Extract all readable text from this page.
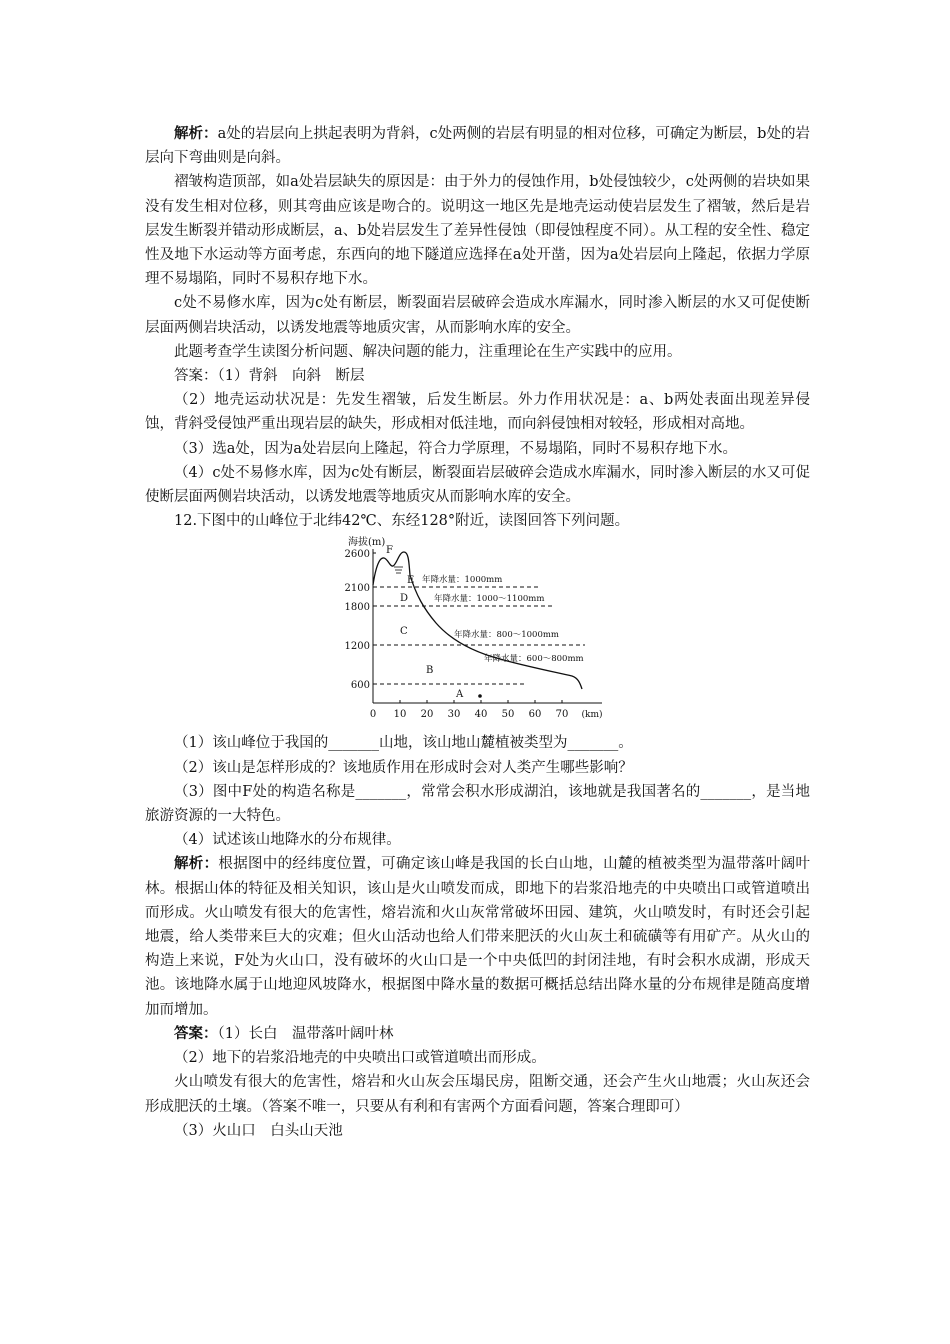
解析：a处的岩层向上拱起表明为背斜，c处两侧的岩层有明显的相对位移，可确定为断层，b处的岩层向下弯曲则是向斜。

褶皱构造顶部，如a处岩层缺失的原因是：由于外力的侵蚀作用，b处侵蚀较少，c处两侧的岩块如果没有发生相对位移，则其弯曲应该是吻合的。说明这一地区先是地壳运动使岩层发生了褶皱，然后是岩层发生断裂并错动形成断层，a、b处岩层发生了差异性侵蚀（即侵蚀程度不同）。从工程的安全性、稳定性及地下水运动等方面考虑，东西向的地下隧道应选择在a处开凿，因为a处岩层向上隆起，依据力学原理不易塌陷，同时不易积存地下水。

c处不易修水库，因为c处有断层，断裂面岩层破碎会造成水库漏水，同时渗入断层的水又可促使断层面两侧岩块活动，以诱发地震等地质灾害，从而影响水库的安全。

此题考查学生读图分析问题、解决问题的能力，注重理论在生产实践中的应用。

答案：（1）背斜　向斜　断层

（2）地壳运动状况是：先发生褶皱，后发生断层。外力作用状况是：a、b两处表面出现差异侵蚀，背斜受侵蚀严重出现岩层的缺失，形成相对低洼地，而向斜侵蚀相对较轻，形成相对高地。

（3）选a处，因为a处岩层向上隆起，符合力学原理，不易塌陷，同时不易积存地下水。

（4）c处不易修水库，因为c处有断层，断裂面岩层破碎会造成水库漏水，同时渗入断层的水又可促使断层面两侧岩块活动，以诱发地震等地质灾从而影响水库的安全。

12.下图中的山峰位于北纬42℃、东经128°附近，读图回答下列问题。

海拔(m)
2600
2100
1800
1200
600
0 10 20 30 40 50 60 70 (km)
F
E
D
C
B
A
年降水量：1000mm
年降水量：1000～1100mm
年降水量：800～1000mm
年降水量：600～800mm

（1）该山峰位于我国的_______山地，该山地山麓植被类型为_______。

（2）该山是怎样形成的？该地质作用在形成时会对人类产生哪些影响？

（3）图中F处的构造名称是_______，常常会积水形成湖泊，该地就是我国著名的_______，是当地旅游资源的一大特色。

（4）试述该山地降水的分布规律。

解析：根据图中的经纬度位置，可确定该山峰是我国的长白山地，山麓的植被类型为温带落叶阔叶林。根据山体的特征及相关知识，该山是火山喷发而成，即地下的岩浆沿地壳的中央喷出口或管道喷出而形成。火山喷发有很大的危害性，熔岩流和火山灰常常破坏田园、建筑，火山喷发时，有时还会引起地震，给人类带来巨大的灾难；但火山活动也给人们带来肥沃的火山灰土和硫磺等有用矿产。从火山的构造上来说，F处为火山口，没有破坏的火山口是一个中央低凹的封闭洼地，有时会积水成湖，形成天池。该地降水属于山地迎风坡降水，根据图中降水量的数据可概括总结出降水量的分布规律是随高度增加而增加。

答案：（1）长白　温带落叶阔叶林

（2）地下的岩浆沿地壳的中央喷出口或管道喷出而形成。

火山喷发有很大的危害性，熔岩和火山灰会压塌民房，阻断交通，还会产生火山地震；火山灰还会形成肥沃的土壤。（答案不唯一，只要从有利和有害两个方面看问题，答案合理即可）

（3）火山口　白头山天池
